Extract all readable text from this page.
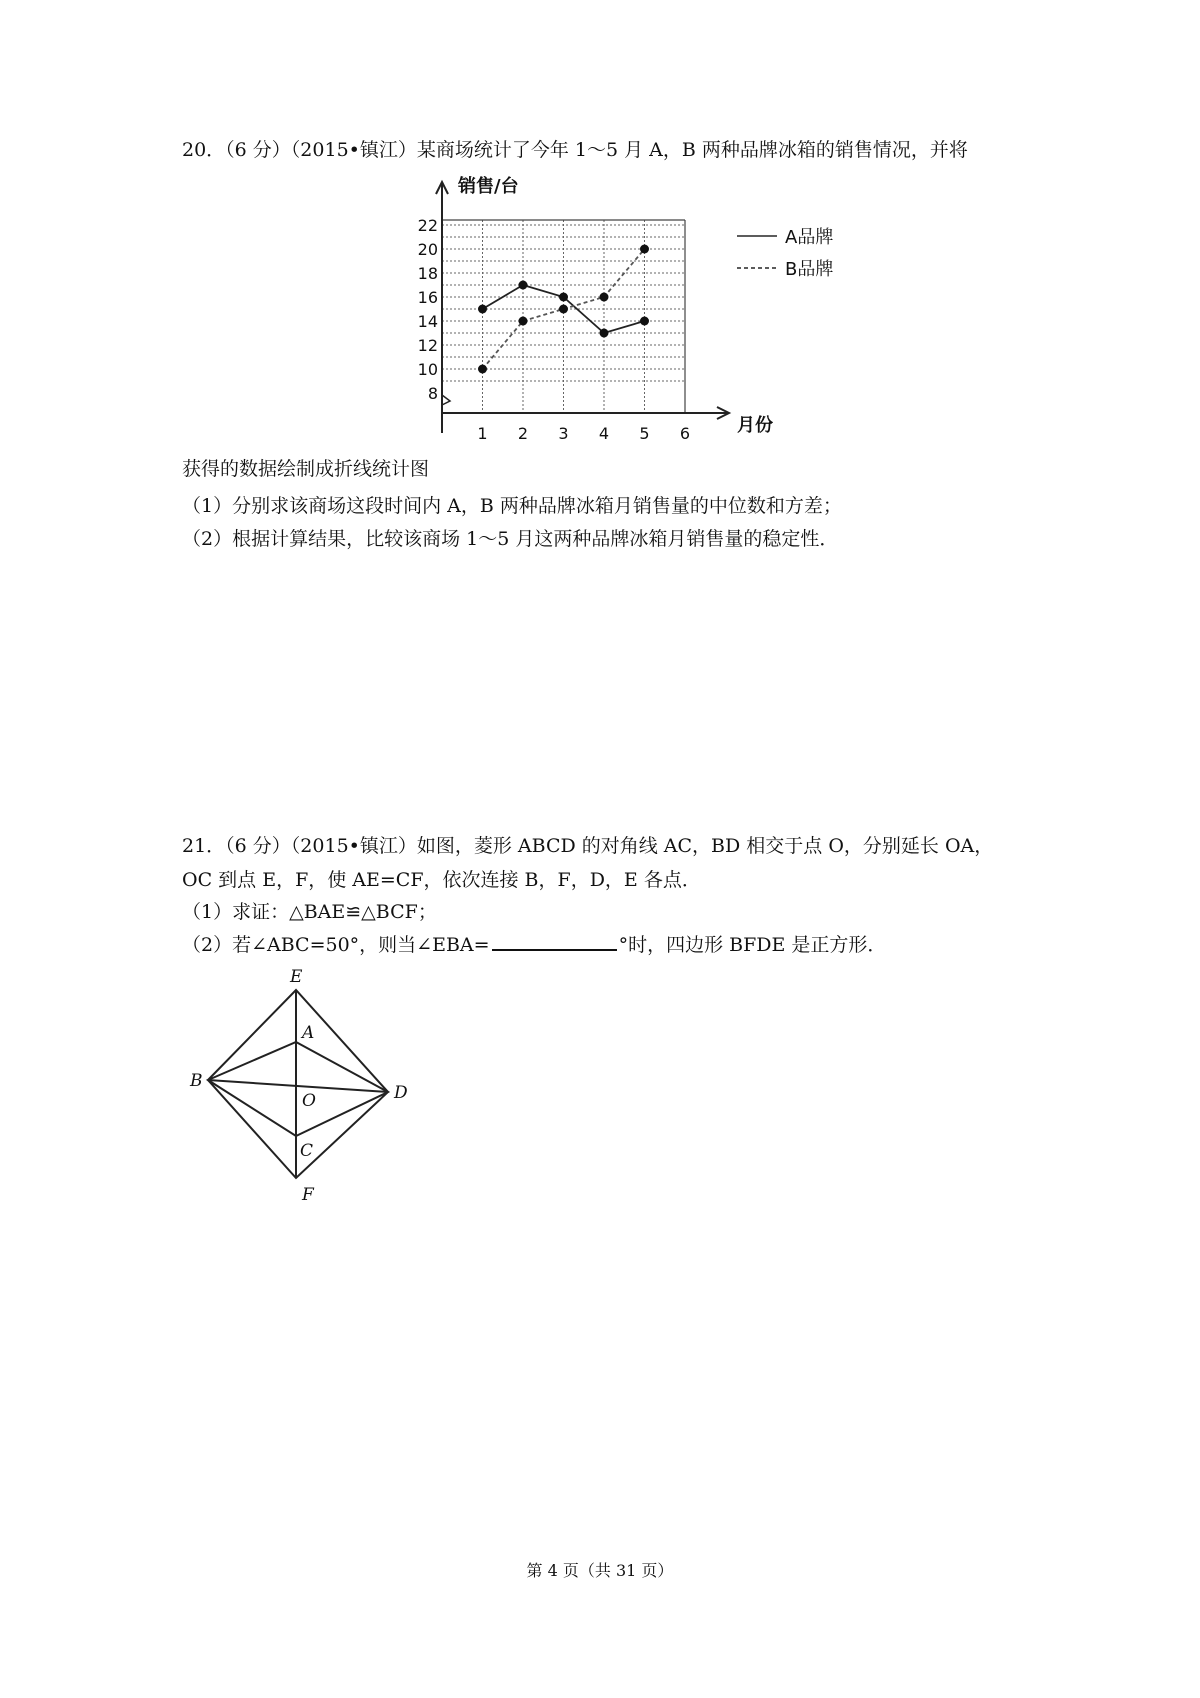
20．（6 分）（2015•镇江）某商场统计了今年 1～5 月 A，B 两种品牌冰箱的销售情况，并将
销售/台
月份
8
10
12
14
16
18
20
22
1 2 3 4 5 6
A品牌
B品牌
获得的数据绘制成折线统计图
（1）分别求该商场这段时间内 A，B 两种品牌冰箱月销售量的中位数和方差；
（2）根据计算结果，比较该商场 1～5 月这两种品牌冰箱月销售量的稳定性．
21．（6 分）（2015•镇江）如图，菱形 ABCD 的对角线 AC，BD 相交于点 O，分别延长 OA，
OC 到点 E，F，使 AE=CF，依次连接 B，F，D，E 各点．
（1）求证：△BAE≌△BCF；
（2）若∠ABC=50°，则当∠EBA=	°时，四边形 BFDE 是正方形．
E
A
B
O	D
C
F
第 4 页（共 31 页）
